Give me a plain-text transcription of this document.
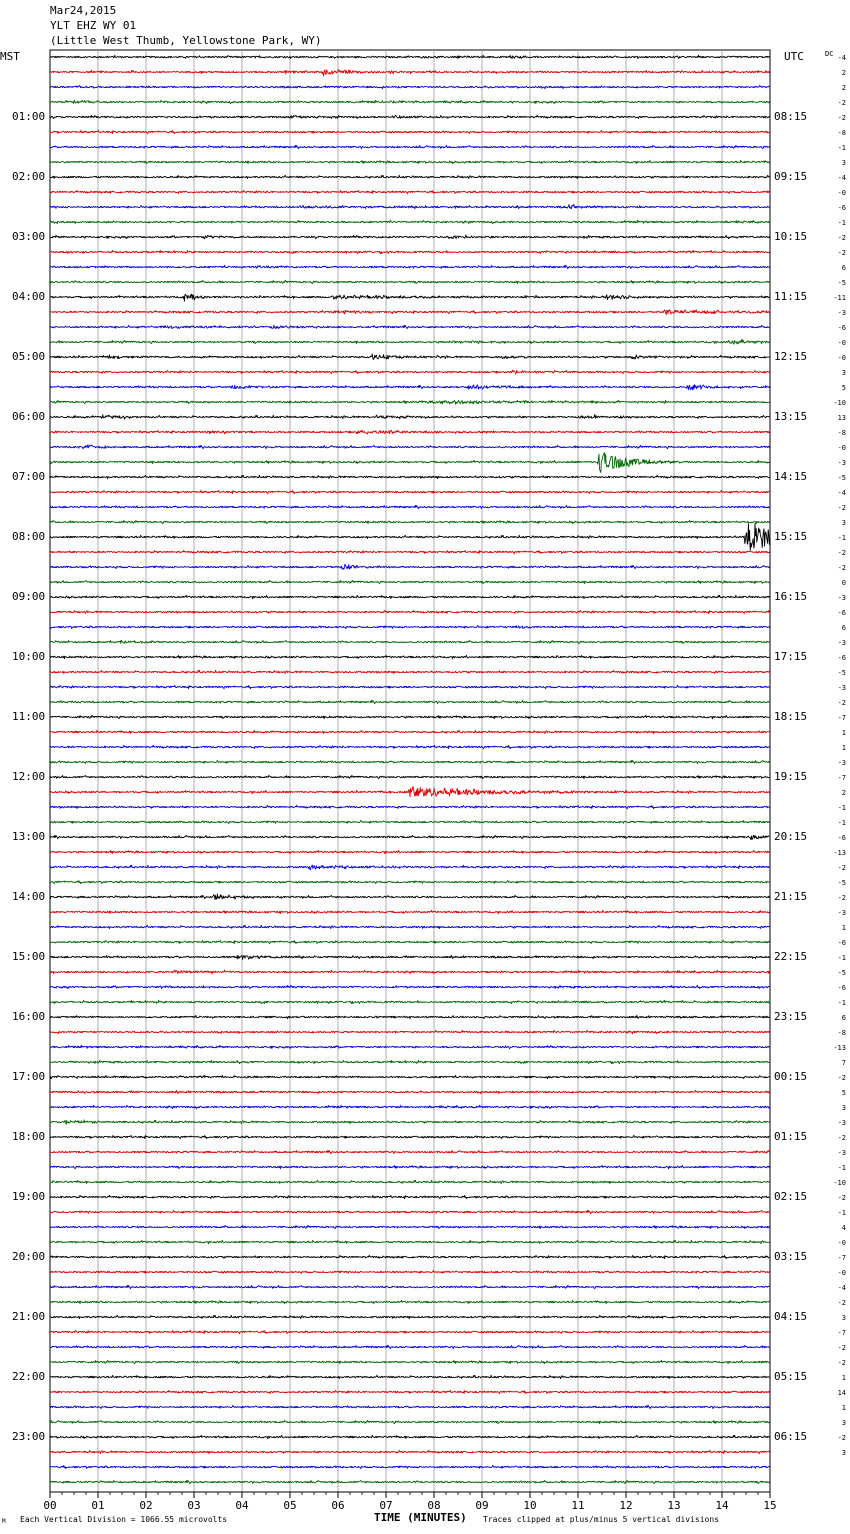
Mar24,2015
YLT EHZ WY 01
(Little West Thumb, Yellowstone Park, WY)
MST	UTC	DC
01:00
02:00
03:00
04:00
05:00
06:00
07:00
08:00
09:00
10:00
11:00
12:00
13:00
14:00
15:00
16:00
17:00
18:00
19:00
20:00
21:00
22:00
23:00
08:15
09:15
10:15
11:15
12:15
13:15
14:15
15:15
16:15
17:15
18:15
19:15
20:15
21:15
22:15
23:15
00:15
01:15
02:15
03:15
04:15
05:15
06:15
-4
2
2
-2
-2
-8
-1
3
-4
-0
-6
-1
-2
-2
6
-5
-11
-3
-6
-0
-0
3
5
-10
13
-8
-0
-3
-5
-4
-2
3
-1
-2
-2
0
-3
-6
6
-3
-6
-5
-3
-2
-7
1
1
-3
-7
2
-1
-1
-6
-13
-2
-5
-2
-3
1
-6
-1
-5
-6
-1
6
-8
-13
7
-2
5
3
-3
-2
-3
-1
-10
-2
-1
4
-0
-7
-0
-4
-2
3
-7
-2
-2
1
14
1
3
-2
3
00	01	02	03	04	05	06	07	08	09	10	11	12	13	14	15
M Each Vertical Division = 1066.55 microvolts	TIME (MINUTES) Traces clipped at plus/minus 5 vertical divisions
